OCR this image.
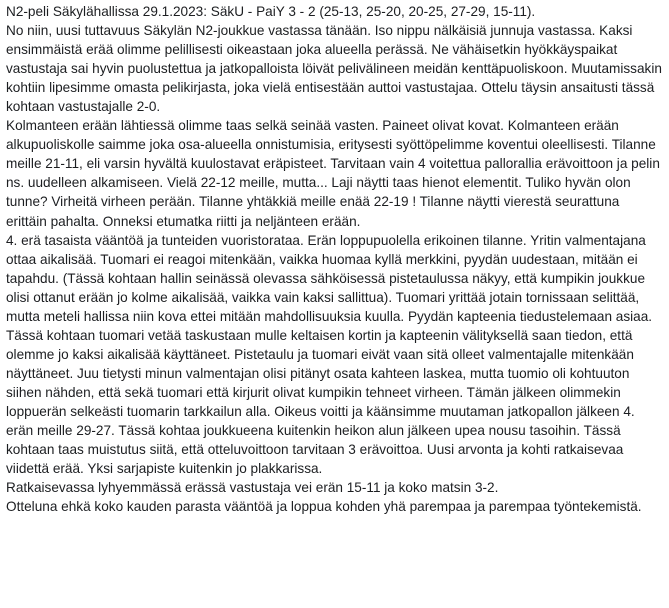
N2-peli Säkylähallissa 29.1.2023: SäkU - PaiY 3 - 2 (25-13, 25-20, 20-25, 27-29, 15-11).

No niin, uusi tuttavuus Säkylän N2-joukkue vastassa tänään. Iso nippu nälkäisiä junnuja vastassa. Kaksi ensimmäistä erää olimme pelillisesti oikeastaan joka alueella perässä. Ne vähäisetkin hyökkäyspaikat vastustaja sai hyvin puolustettua ja jatkopalloista löivät pelivälineen meidän kenttäpuoliskoon. Muutamissakin kohtiin lipesimme omasta pelikirjasta, joka vielä entisestään auttoi vastustajaa. Ottelu täysin ansaitusti tässä kohtaan vastustajalle 2-0.

Kolmanteen erään lähtiessä olimme taas selkä seinää vasten. Paineet olivat kovat. Kolmanteen erään alkupuoliskolle saimme joka osa-alueella onnistumisia, eritysesti syöttöpelimme koventui oleellisesti. Tilanne meille 21-11, eli varsin hyvältä kuulostavat eräpisteet. Tarvitaan vain 4 voitettua pallorallia erävoittoon ja pelin ns. uudelleen alkamiseen. Vielä 22-12 meille, mutta... Laji näytti taas hienot elementit. Tuliko hyvän olon tunne? Virheitä virheen perään. Tilanne yhtäkkiä meille enää 22-19 ! Tilanne näytti vierestä seurattuna erittäin pahalta. Onneksi etumatka riitti ja neljänteen erään.

4. erä tasaista vääntöä ja tunteiden vuoristorataa. Erän loppupuolella erikoinen tilanne. Yritin valmentajana ottaa aikalisää. Tuomari ei reagoi mitenkään, vaikka huomaa kyllä merkkini, pyydän uudestaan, mitään ei tapahdu. (Tässä kohtaan hallin seinässä olevassa sähköisessä pistetaulussa näkyy, että kumpikin joukkue olisi ottanut erään jo kolme aikalisää, vaikka vain kaksi sallittua). Tuomari yrittää jotain tornissaan selittää, mutta meteli hallissa niin kova ettei mitään mahdollisuuksia kuulla. Pyydän kapteenia tiedustelemaan asiaa. Tässä kohtaan tuomari vetää taskustaan mulle keltaisen kortin ja kapteenin välityksellä saan tiedon, että olemme jo kaksi aikalisää käyttäneet. Pistetaulu ja tuomari eivät vaan sitä olleet valmentajalle mitenkään näyttäneet. Juu tietysti minun valmentajan olisi pitänyt osata kahteen laskea, mutta tuomio oli kohtuuton siihen nähden, että sekä tuomari että kirjurit olivat kumpikin tehneet virheen. Tämän jälkeen olimmekin loppuerän selkeästi tuomarin tarkkailun alla. Oikeus voitti ja käänsimme muutaman jatkopallon jälkeen 4. erän meille 29-27. Tässä kohtaa joukkueena kuitenkin heikon alun jälkeen upea nousu tasoihin. Tässä kohtaan taas muistutus siitä, että otteluvoittoon tarvitaan 3 erävoittoa. Uusi arvonta ja kohti ratkaisevaa viidettä erää. Yksi sarjapiste kuitenkin jo plakkarissa.

Ratkaisevassa lyhyemmässä erässä vastustaja vei erän 15-11 ja koko matsin 3-2.

Otteluna ehkä koko kauden parasta vääntöä ja loppua kohden yhä parempaa ja parempaa työntekemistä.
